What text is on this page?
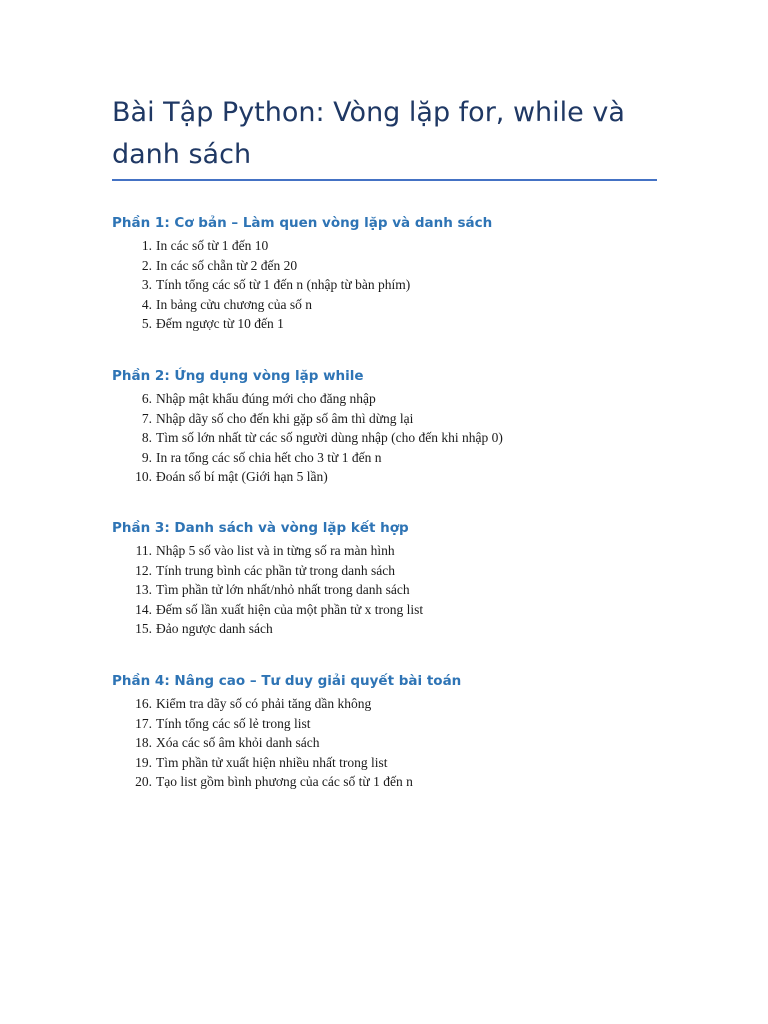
Bài Tập Python: Vòng lặp for, while và danh sách
Phần 1: Cơ bản – Làm quen vòng lặp và danh sách
1. In các số từ 1 đến 10
2. In các số chẵn từ 2 đến 20
3. Tính tổng các số từ 1 đến n (nhập từ bàn phím)
4. In bảng cửu chương của số n
5. Đếm ngược từ 10 đến 1
Phần 2: Ứng dụng vòng lặp while
6. Nhập mật khẩu đúng mới cho đăng nhập
7. Nhập dãy số cho đến khi gặp số âm thì dừng lại
8. Tìm số lớn nhất từ các số người dùng nhập (cho đến khi nhập 0)
9. In ra tổng các số chia hết cho 3 từ 1 đến n
10. Đoán số bí mật (Giới hạn 5 lần)
Phần 3: Danh sách và vòng lặp kết hợp
11. Nhập 5 số vào list và in từng số ra màn hình
12. Tính trung bình các phần tử trong danh sách
13. Tìm phần tử lớn nhất/nhỏ nhất trong danh sách
14. Đếm số lần xuất hiện của một phần tử x trong list
15. Đảo ngược danh sách
Phần 4: Nâng cao – Tư duy giải quyết bài toán
16. Kiểm tra dãy số có phải tăng dần không
17. Tính tổng các số lẻ trong list
18. Xóa các số âm khỏi danh sách
19. Tìm phần tử xuất hiện nhiều nhất trong list
20. Tạo list gồm bình phương của các số từ 1 đến n
